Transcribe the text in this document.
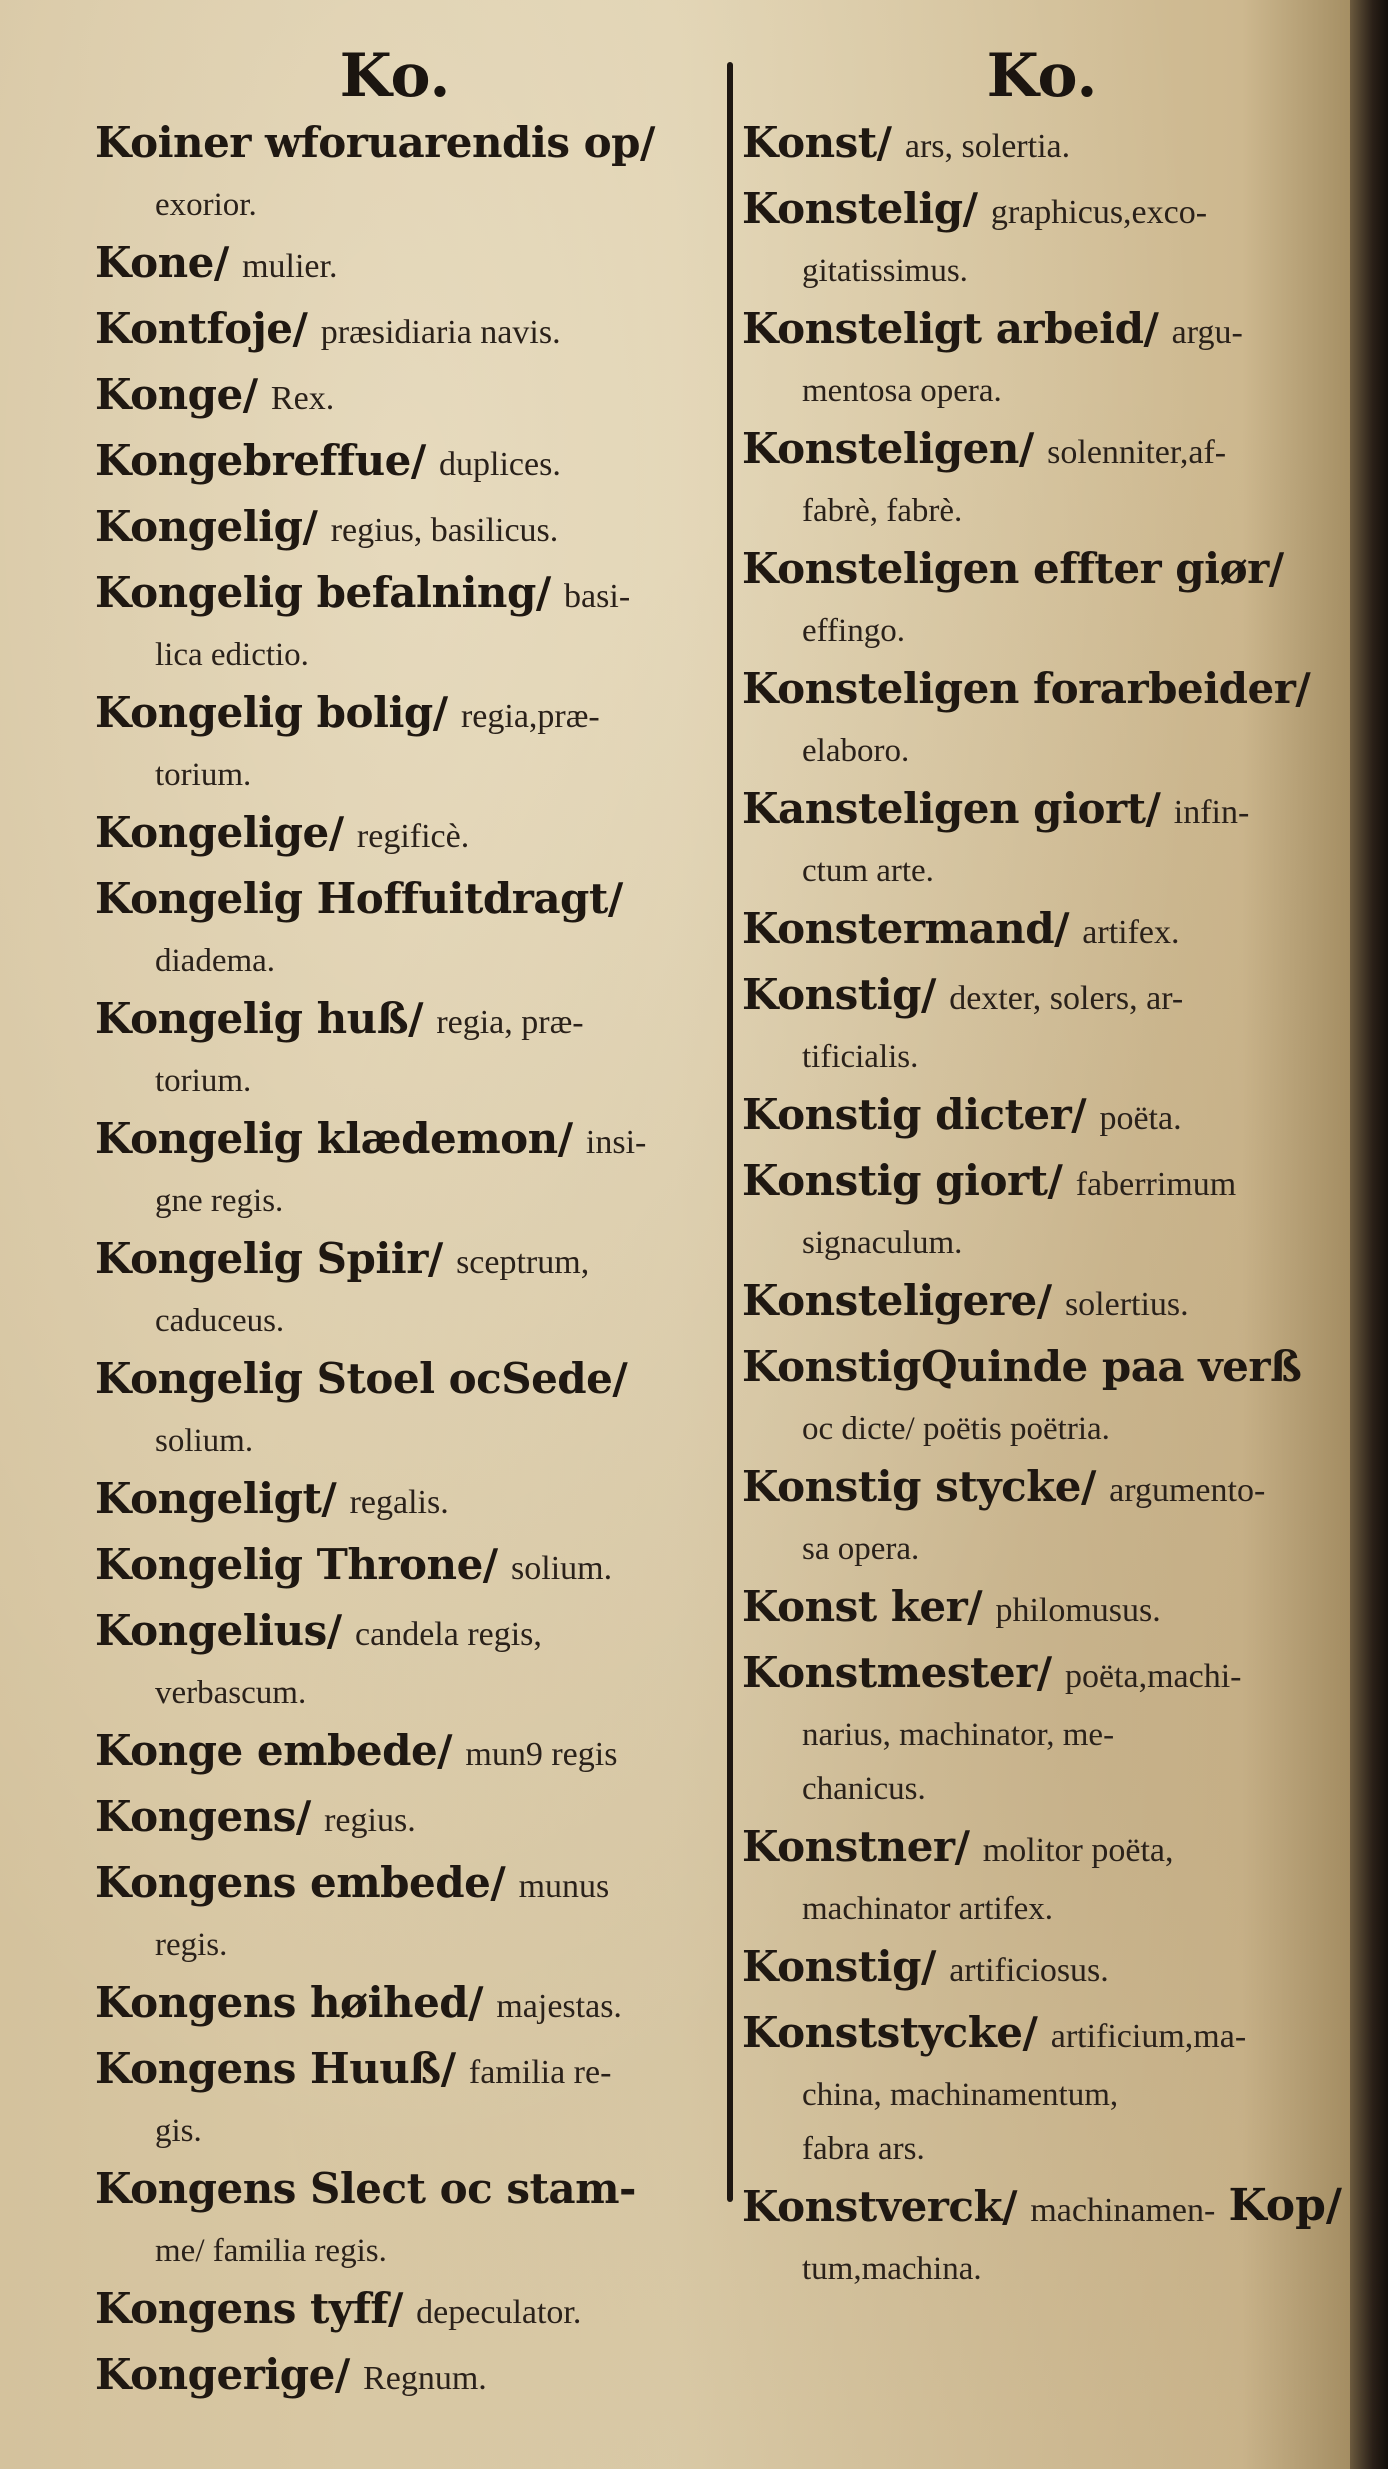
Ko.
Koiner wforuarendis op/
exorior.
Kone/ mulier.
Kontfoje/ præsidiaria navis.
Konge/ Rex.
Kongebreffue/ duplices.
Kongelig/ regius, basilicus.
Kongelig befalning/ basi-
lica edictio.
Kongelig bolig/ regia,præ-
torium.
Kongelige/ regificè.
Kongelig Hoffuitdragt/
diadema.
Kongelig huß/ regia, præ-
torium.
Kongelig klædemon/ insi-
gne regis.
Kongelig Spiir/ sceptrum,
caduceus.
Kongelig Stoel ocSede/
solium.
Kongeligt/ regalis.
Kongelig Throne/ solium.
Kongelius/ candela regis,
verbascum.
Konge embede/ mun9 regis
Kongens/ regius.
Kongens embede/ munus
regis.
Kongens høihed/ majestas.
Kongens Huuß/ familia re-
gis.
Kongens Slect oc stam-
me/ familia regis.
Kongens tyff/ depeculator.
Kongerige/ Regnum.
Ko.
Konst/ ars, solertia.
Konstelig/ graphicus,exco-
gitatissimus.
Konsteligt arbeid/ argu-
mentosa opera.
Konsteligen/ solenniter,af-
fabrè, fabrè.
Konsteligen effter giør/
effingo.
Konsteligen forarbeider/
elaboro.
Kansteligen giort/ infin-
ctum arte.
Konstermand/ artifex.
Konstig/ dexter, solers, ar-
tificialis.
Konstig dicter/ poëta.
Konstig giort/ faberrimum
signaculum.
Konsteligere/ solertius.
KonstigQuinde paa verß
oc dicte/ poëtis poëtria.
Konstig stycke/ argumento-
sa opera.
Konst ker/ philomusus.
Konstmester/ poëta,machi-
narius, machinator, me-
chanicus.
Konstner/ molitor poëta,
machinator artifex.
Konstig/ artificiosus.
Konststycke/ artificium,ma-
china, machinamentum,
fabra ars.
Konstverck/ machinamen-
tum,machina.
Kop/
